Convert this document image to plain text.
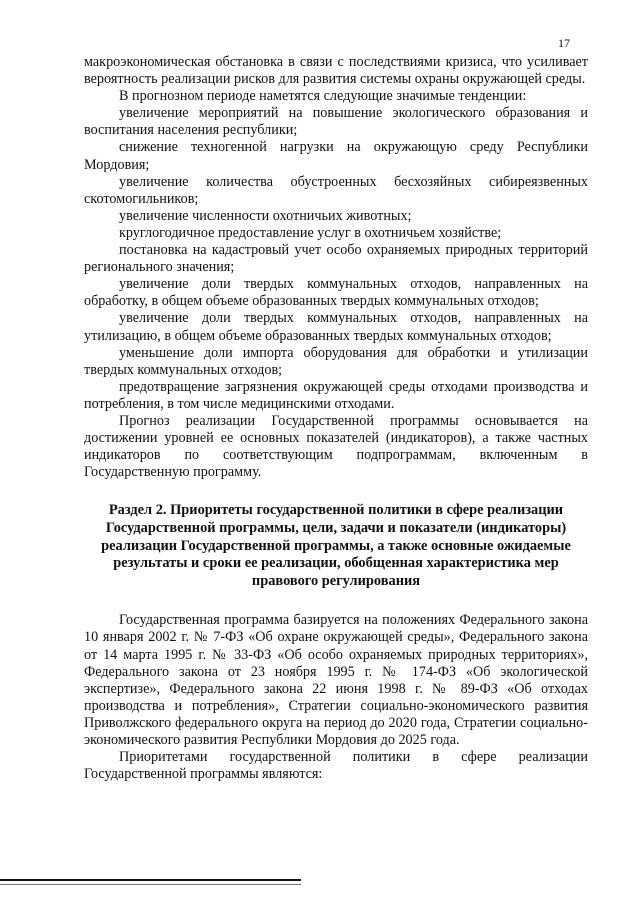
17

макроэкономическая обстановка в связи с последствиями кризиса, что усиливает вероятность реализации рисков для развития системы охраны окружающей среды.

В прогнозном периоде наметятся следующие значимые тенденции:

увеличение мероприятий на повышение экологического образования и воспитания населения республики;

снижение техногенной нагрузки на окружающую среду Республики Мордовия;

увеличение количества обустроенных бесхозяйных сибиреязвенных скотомогильников;

увеличение численности охотничьих животных;

круглогодичное предоставление услуг в охотничьем хозяйстве;

постановка на кадастровый учет особо охраняемых природных территорий регионального значения;

увеличение доли твердых коммунальных отходов, направленных на обработку, в общем объеме образованных твердых коммунальных отходов;

увеличение доли твердых коммунальных отходов, направленных на утилизацию, в общем объеме образованных твердых коммунальных отходов;

уменьшение доли импорта оборудования для обработки и утилизации твердых коммунальных отходов;

предотвращение загрязнения окружающей среды отходами производства и потребления, в том числе медицинскими отходами.

Прогноз реализации Государственной программы основывается на достижении уровней ее основных показателей (индикаторов), а также частных индикаторов по соответствующим подпрограммам, включенным в Государственную программу.

Раздел 2. Приоритеты государственной политики в сфере реализации Государственной программы, цели, задачи и показатели (индикаторы) реализации Государственной программы, а также основные ожидаемые результаты и сроки ее реализации, обобщенная характеристика мер правового регулирования

Государственная программа базируется на положениях Федерального закона 10 января 2002 г. № 7-ФЗ «Об охране окружающей среды», Федерального закона от 14 марта 1995 г. № 33-ФЗ «Об особо охраняемых природных территориях», Федерального закона от 23 ноября 1995 г. № 174-ФЗ «Об экологической экспертизе», Федерального закона 22 июня 1998 г. № 89-ФЗ «Об отходах производства и потребления», Стратегии социально-экономического развития Приволжского федерального округа на период до 2020 года, Стратегии социально-экономического развития Республики Мордовия до 2025 года.

Приоритетами государственной политики в сфере реализации Государственной программы являются:
